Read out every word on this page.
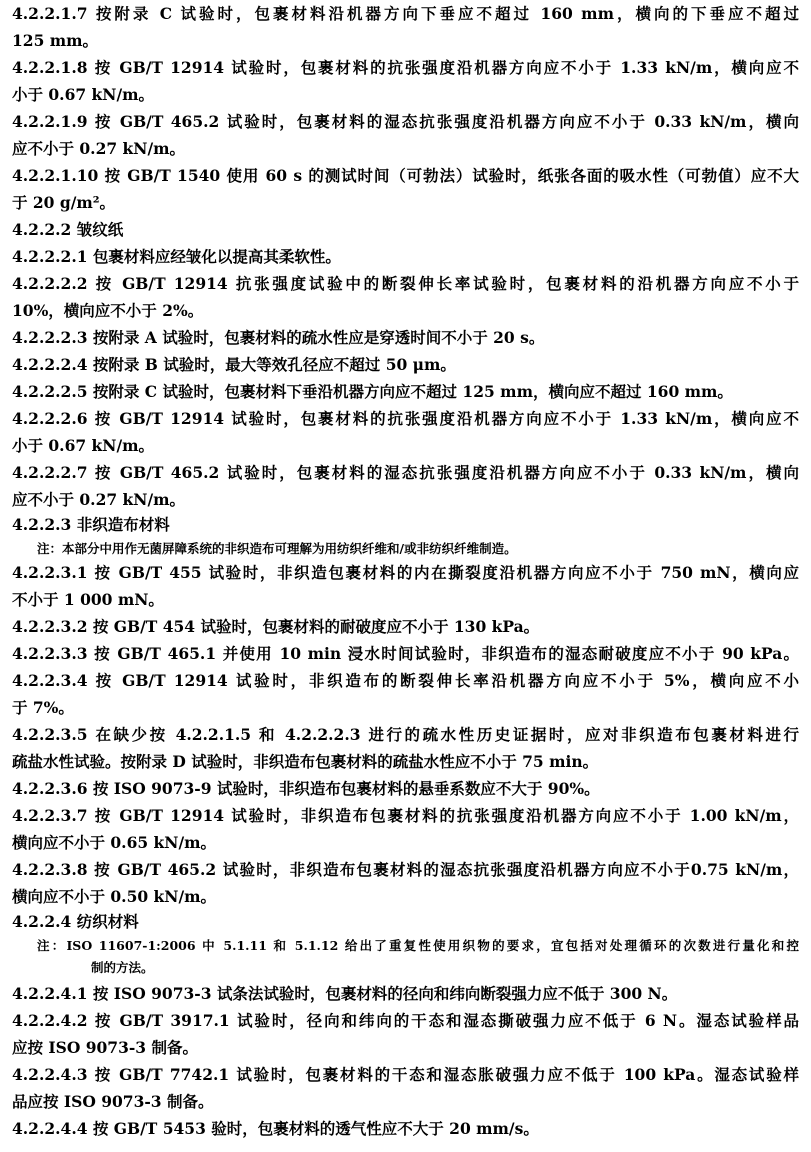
4.2.2.1.7 按附录 C 试验时，包裹材料沿机器方向下垂应不超过 160 mm，横向的下垂应不超过
125 mm。
4.2.2.1.8 按 GB/T 12914 试验时，包裹材料的抗张强度沿机器方向应不小于 1.33 kN/m，横向应不
小于 0.67 kN/m。
4.2.2.1.9 按 GB/T 465.2 试验时，包裹材料的湿态抗张强度沿机器方向应不小于 0.33 kN/m，横向
应不小于 0.27 kN/m。
4.2.2.1.10 按 GB/T 1540 使用 60 s 的测试时间（可勃法）试验时，纸张各面的吸水性（可勃值）应不大
于 20 g/m²。
4.2.2.2 皱纹纸
4.2.2.2.1 包裹材料应经皱化以提高其柔软性。
4.2.2.2.2 按 GB/T 12914 抗张强度试验中的断裂伸长率试验时，包裹材料的沿机器方向应不小于
10%，横向应不小于 2%。
4.2.2.2.3 按附录 A 试验时，包裹材料的疏水性应是穿透时间不小于 20 s。
4.2.2.2.4 按附录 B 试验时，最大等效孔径应不超过 50 μm。
4.2.2.2.5 按附录 C 试验时，包裹材料下垂沿机器方向应不超过 125 mm，横向应不超过 160 mm。
4.2.2.2.6 按 GB/T 12914 试验时，包裹材料的抗张强度沿机器方向应不小于 1.33 kN/m，横向应不
小于 0.67 kN/m。
4.2.2.2.7 按 GB/T 465.2 试验时，包裹材料的湿态抗张强度沿机器方向应不小于 0.33 kN/m，横向
应不小于 0.27 kN/m。
4.2.2.3 非织造布材料
注：本部分中用作无菌屏障系统的非织造布可理解为用纺织纤维和/或非纺织纤维制造。
4.2.2.3.1 按 GB/T 455 试验时，非织造包裹材料的内在撕裂度沿机器方向应不小于 750 mN，横向应
不小于 1 000 mN。
4.2.2.3.2 按 GB/T 454 试验时，包裹材料的耐破度应不小于 130 kPa。
4.2.2.3.3 按 GB/T 465.1 并使用 10 min 浸水时间试验时，非织造布的湿态耐破度应不小于 90 kPa。
4.2.2.3.4 按 GB/T 12914 试验时，非织造布的断裂伸长率沿机器方向应不小于 5%，横向应不小
于 7%。
4.2.2.3.5 在缺少按 4.2.2.1.5 和 4.2.2.2.3 进行的疏水性历史证据时，应对非织造布包裹材料进行
疏盐水性试验。按附录 D 试验时，非织造布包裹材料的疏盐水性应不小于 75 min。
4.2.2.3.6 按 ISO 9073-9 试验时，非织造布包裹材料的悬垂系数应不大于 90%。
4.2.2.3.7 按 GB/T 12914 试验时，非织造布包裹材料的抗张强度沿机器方向应不小于 1.00 kN/m，
横向应不小于 0.65 kN/m。
4.2.2.3.8 按 GB/T 465.2 试验时，非织造布包裹材料的湿态抗张强度沿机器方向应不小于0.75 kN/m，
横向应不小于 0.50 kN/m。
4.2.2.4 纺织材料
注：ISO 11607-1:2006 中 5.1.11 和 5.1.12 给出了重复性使用织物的要求，宜包括对处理循环的次数进行量化和控
制的方法。
4.2.2.4.1 按 ISO 9073-3 试条法试验时，包裹材料的径向和纬向断裂强力应不低于 300 N。
4.2.2.4.2 按 GB/T 3917.1 试验时，径向和纬向的干态和湿态撕破强力应不低于 6 N。湿态试验样品
应按 ISO 9073-3 制备。
4.2.2.4.3 按 GB/T 7742.1 试验时，包裹材料的干态和湿态胀破强力应不低于 100 kPa。湿态试验样
品应按 ISO 9073-3 制备。
4.2.2.4.4 按 GB/T 5453 验时，包裹材料的透气性应不大于 20 mm/s。
